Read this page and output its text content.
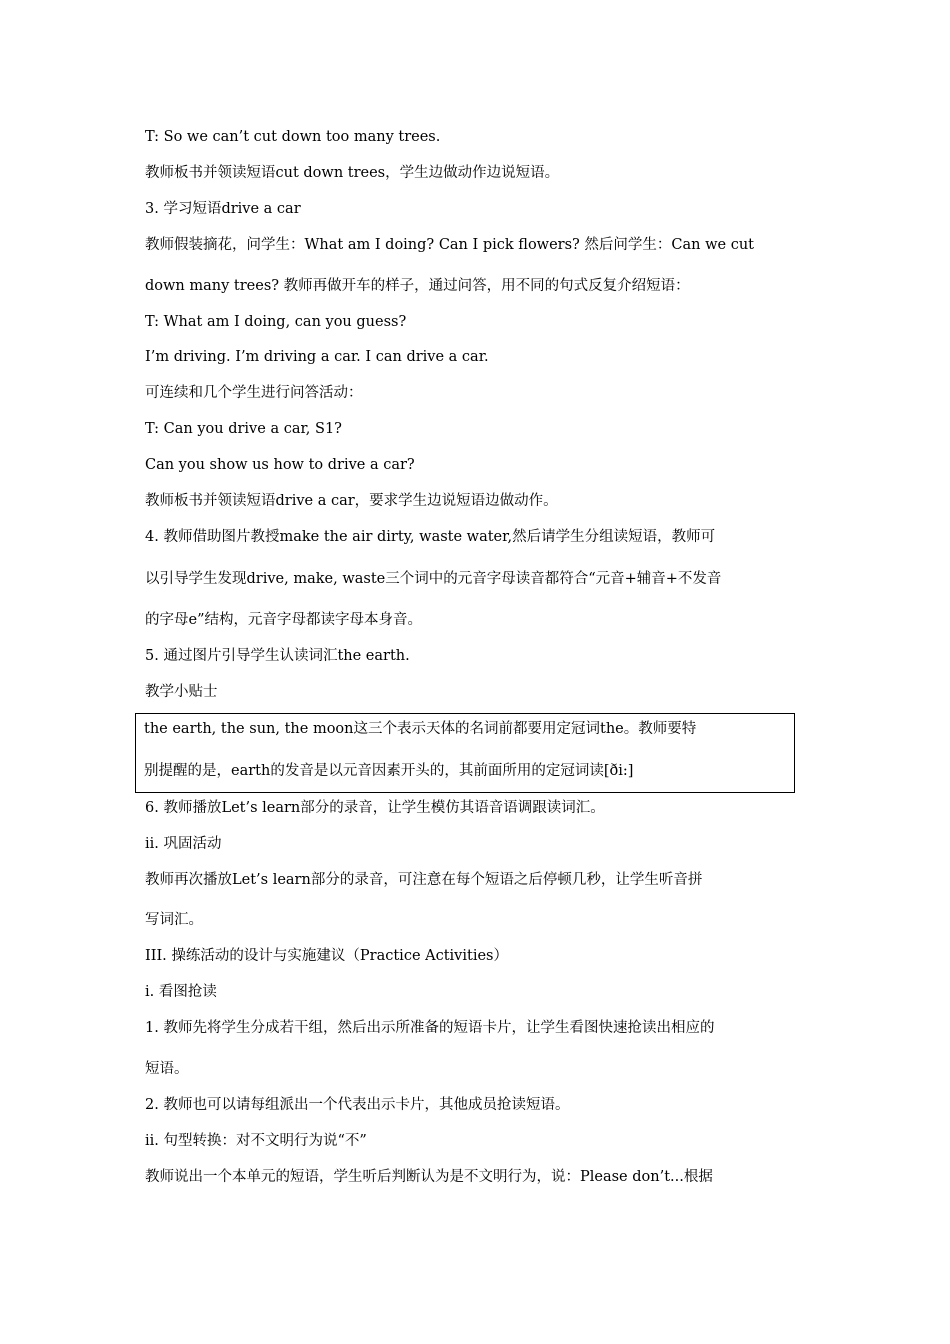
T: So we can’t cut down too many trees.
教师板书并领读短语cut down trees，学生边做动作边说短语。
3. 学习短语drive a car
教师假装摘花，问学生：What am I doing? Can I pick flowers? 然后问学生：Can we cut
down many trees? 教师再做开车的样子，通过问答，用不同的句式反复介绍短语：
T: What am I doing, can you guess?
I’m driving. I’m driving a car. I can drive a car.
可连续和几个学生进行问答活动：
T: Can you drive a car, S1?
Can you show us how to drive a car?
教师板书并领读短语drive a car，要求学生边说短语边做动作。
4. 教师借助图片教授make the air dirty, waste water,然后请学生分组读短语，教师可
以引导学生发现drive, make, waste三个词中的元音字母读音都符合“元音+辅音+不发音
的字母e”结构，元音字母都读字母本身音。
5. 通过图片引导学生认读词汇the earth.
教学小贴士
the earth, the sun, the moon这三个表示天体的名词前都要用定冠词the。教师要特
别提醒的是，earth的发音是以元音因素开头的，其前面所用的定冠词读[ði:]
6. 教师播放Let’s learn部分的录音，让学生模仿其语音语调跟读词汇。
ii. 巩固活动
教师再次播放Let’s learn部分的录音，可注意在每个短语之后停顿几秒，让学生听音拼
写词汇。
III. 操练活动的设计与实施建议（Practice Activities）
i. 看图抢读
1. 教师先将学生分成若干组，然后出示所准备的短语卡片，让学生看图快速抢读出相应的
短语。
2. 教师也可以请每组派出一个代表出示卡片，其他成员抢读短语。
ii. 句型转换：对不文明行为说“不”
教师说出一个本单元的短语，学生听后判断认为是不文明行为，说：Please don’t...根据
